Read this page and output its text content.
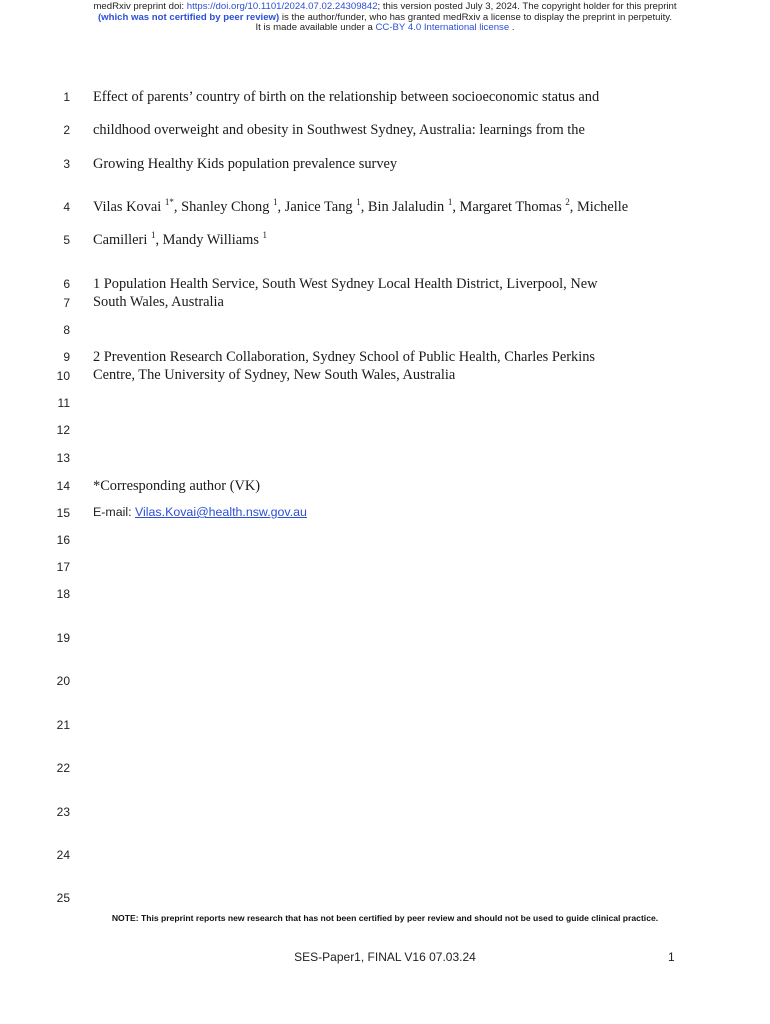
medRxiv preprint doi: https://doi.org/10.1101/2024.07.02.24309842; this version posted July 3, 2024. The copyright holder for this preprint
(which was not certified by peer review) is the author/funder, who has granted medRxiv a license to display the preprint in perpetuity.
It is made available under a CC-BY 4.0 International license .
1
2
3
4
5
6
7
8
9
10
11
12
13
14
15
16
17
18
19
20
21
22
23
24
25
Effect of parents’ country of birth on the relationship between socioeconomic status and
childhood overweight and obesity in Southwest Sydney, Australia: learnings from the
Growing Healthy Kids population prevalence survey
Vilas Kovai $^{1*}$, Shanley Chong $^1$, Janice Tang $^1$, Bin Jalaludin $^1$, Margaret Thomas $^2$, Michelle
Camilleri $^1$, Mandy Williams $^1$
1 Population Health Service, South West Sydney Local Health District, Liverpool, New
South Wales, Australia
2 Prevention Research Collaboration, Sydney School of Public Health, Charles Perkins
Centre, The University of Sydney, New South Wales, Australia
*Corresponding author (VK)
E-mail: Vilas.Kovai@health.nsw.gov.au
NOTE: This preprint reports new research that has not been certified by peer review and should not be used to guide clinical practice.
SES-Paper1, FINAL V16 07.03.24	1
